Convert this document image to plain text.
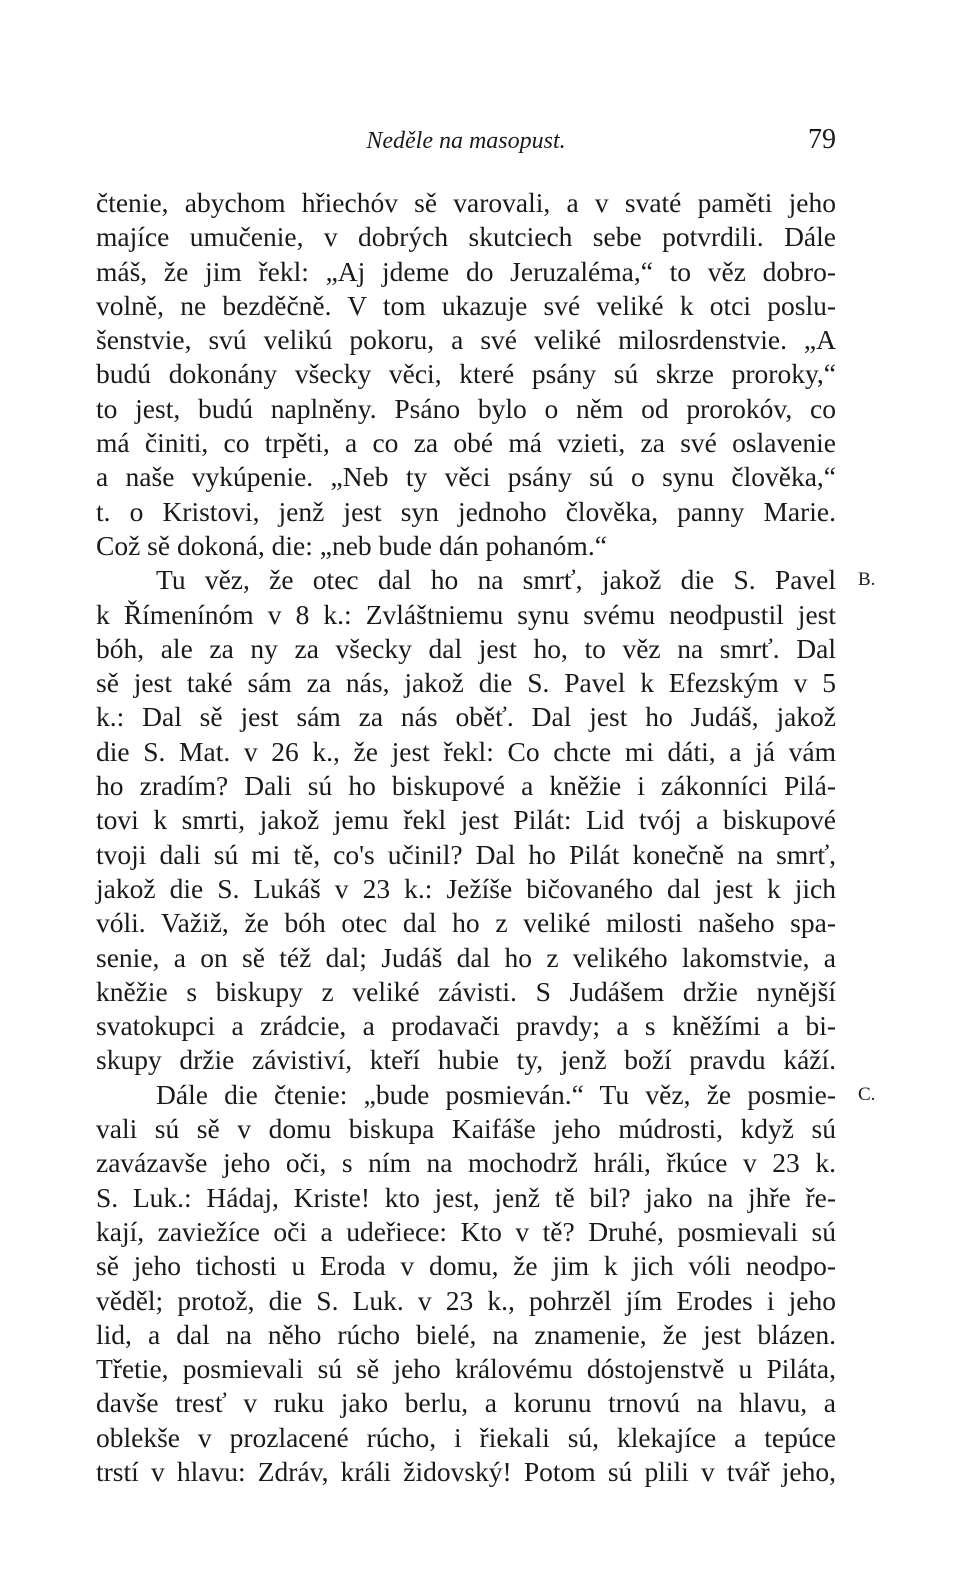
Neděle na masopust.	79
čtenie, abychom hřiechóv sě varovali, a v svaté paměti jeho
majíce umučenie, v dobrých skutciech sebe potvrdili. Dále
máš, že jim řekl: „Aj jdeme do Jeruzaléma,“ to věz dobro-
volně, ne bezděčně. V tom ukazuje své veliké k otci poslu-
šenstvie, svú velikú pokoru, a své veliké milosrdenstvie. „A
budú dokonány všecky věci, které psány sú skrze proroky,“
to jest, budú naplněny. Psáno bylo o něm od prorokóv, co
má činiti, co trpěti, a co za obé má vzieti, za své oslavenie
a naše vykúpenie. „Neb ty věci psány sú o synu člověka,“
t. o Kristovi, jenž jest syn jednoho člověka, panny Marie.
Což sě dokoná, die: „neb bude dán pohanóm.“
Tu věz, že otec dal ho na smrť, jakož die S. Pavel
k Římenínóm v 8 k.: Zvláštniemu synu svému neodpustil jest
bóh, ale za ny za všecky dal jest ho, to věz na smrť. Dal
sě jest také sám za nás, jakož die S. Pavel k Efezským v 5
k.: Dal sě jest sám za nás oběť. Dal jest ho Judáš, jakož
die S. Mat. v 26 k., že jest řekl: Co chcte mi dáti, a já vám
ho zradím? Dali sú ho biskupové a kněžie i zákonníci Pilá-
tovi k smrti, jakož jemu řekl jest Pilát: Lid tvój a biskupové
tvoji dali sú mi tě, co's učinil? Dal ho Pilát konečně na smrť,
jakož die S. Lukáš v 23 k.: Ježíše bičovaného dal jest k jich
vóli. Važiž, že bóh otec dal ho z veliké milosti našeho spa-
senie, a on sě též dal; Judáš dal ho z velikého lakomstvie, a
kněžie s biskupy z veliké závisti. S Judášem držie nynější
svatokupci a zrádcie, a prodavači pravdy; a s kněžími a bi-
skupy držie závistiví, kteří hubie ty, jenž boží pravdu káží.
Dále die čtenie: „bude posmieván.“ Tu věz, že posmie-
vali sú sě v domu biskupa Kaifáše jeho múdrosti, když sú
zavázavše jeho oči, s ním na mochodrž hráli, řkúce v 23 k.
S. Luk.: Hádaj, Kriste! kto jest, jenž tě bil? jako na jhře ře-
kají, zaviežíce oči a udeřiece: Kto v tě? Druhé, posmievali sú
sě jeho tichosti u Eroda v domu, že jim k jich vóli neodpo-
věděl; protož, die S. Luk. v 23 k., pohrzěl jím Erodes i jeho
lid, a dal na něho rúcho bielé, na znamenie, že jest blázen.
Třetie, posmievali sú sě jeho královému dóstojenstvě u Piláta,
davše tresť v ruku jako berlu, a korunu trnovú na hlavu, a
oblekše v prozlacené rúcho, i řiekali sú, klekajíce a tepúce
trstí v hlavu: Zdráv, králi židovský! Potom sú plili v tvář jeho,
B.
C.
